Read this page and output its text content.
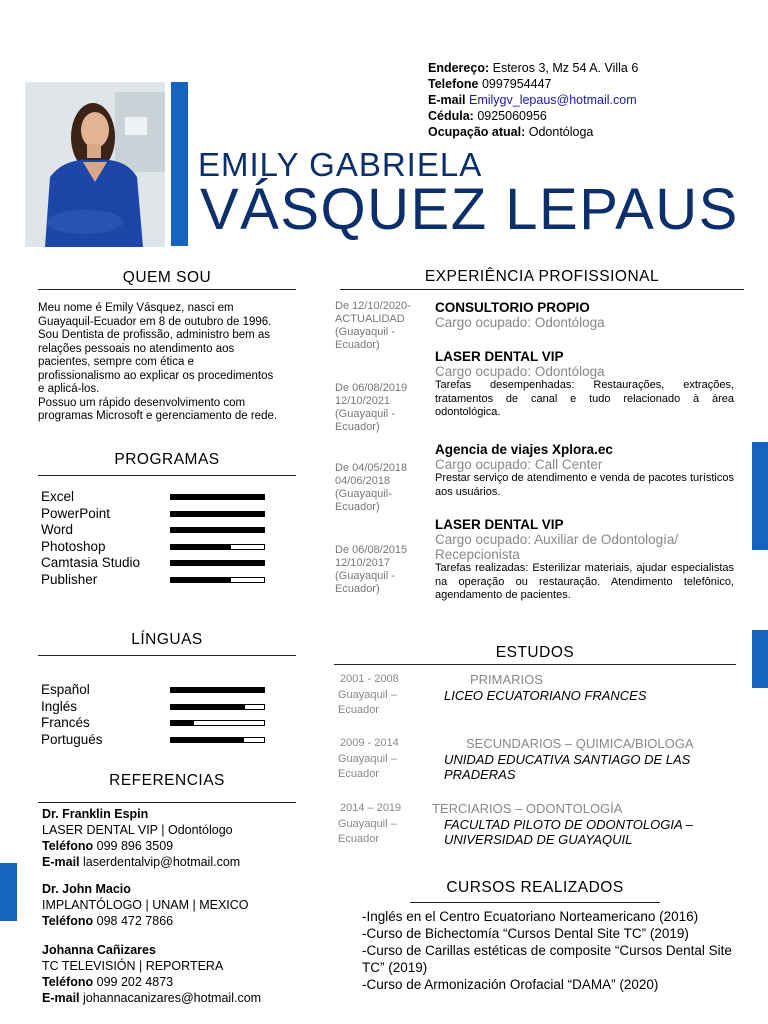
Endereço: Esteros 3, Mz 54 A. Villa 6
Telefone 0997954447
E-mail Emilygv_lepaus@hotmail.com
Cédula: 0925060956
Ocupação atual: Odontóloga
EMILY GABRIELA
VÁSQUEZ LEPAUS
QUEM SOU
Meu nome é Emily Vásquez, nasci em Guayaquil-Ecuador em 8 de outubro de 1996. Sou Dentista de profissão, administro bem as relações pessoais no atendimento aos pacientes, sempre com ética e profissionalismo ao explicar os procedimentos e aplicá-los.
Possuo um rápido desenvolvimento com programas Microsoft e gerenciamento de rede.
PROGRAMAS
Excel
PowerPoint
Word
Photoshop
Camtasia Studio
Publisher
LÍNGUAS
Español
Inglés
Francés
Portugués
REFERENCIAS
Dr. Franklin Espin
LASER DENTAL VIP | Odontólogo
Teléfono 099 896 3509
E-mail laserdentalvip@hotmail.com
Dr. John Macio
IMPLANTÓLOGO | UNAM | MEXICO
Teléfono 098 472 7866
Johanna Cañizares
TC TELEVISIÓN | REPORTERA
Teléfono 099 202 4873
E-mail johannacanizares@hotmail.com
EXPERIÊNCIA PROFISSIONAL
De 12/10/2020- ACTUALIDAD (Guayaquil - Ecuador)
CONSULTORIO PROPIO
Cargo ocupado: Odontóloga
De 06/08/2019 12/10/2021 (Guayaquil - Ecuador)
LASER DENTAL VIP
Cargo ocupado: Odontóloga
Tarefas desempenhadas: Restaurações, extrações, tratamentos de canal e tudo relacionado à área odontológica.
De 04/05/2018 04/06/2018 (Guayaquil- Ecuador)
Agencia de viajes Xplora.ec
Cargo ocupado: Call Center
Prestar serviço de atendimento e venda de pacotes turísticos aos usuários.
De 06/08/2015 12/10/2017 (Guayaquil - Ecuador)
LASER DENTAL VIP
Cargo ocupado: Auxiliar de Odontología/ Recepcionista
Tarefas realizadas: Esterilizar materiais, ajudar especialistas na operação ou restauração. Atendimento telefônico, agendamento de pacientes.
ESTUDOS
2001 - 2008
Guayaquil – Ecuador
PRIMARIOS
LICEO ECUATORIANO FRANCES
2009 - 2014
Guayaquil – Ecuador
SECUNDARIOS – QUIMICA/BIOLOGA
UNIDAD EDUCATIVA SANTIAGO DE LAS PRADERAS
2014 – 2019
Guayaquil – Ecuador
TERCIARIOS – ODONTOLOGÍA
FACULTAD PILOTO DE ODONTOLOGIA – UNIVERSIDAD DE GUAYAQUIL
CURSOS REALIZADOS
-Inglés en el Centro Ecuatoriano Norteamericano (2016)
-Curso de Bichectomía “Cursos Dental Site TC” (2019)
-Curso de Carillas estéticas de composite “Cursos Dental Site TC” (2019)
-Curso de Armonización Orofacial “DAMA” (2020)
